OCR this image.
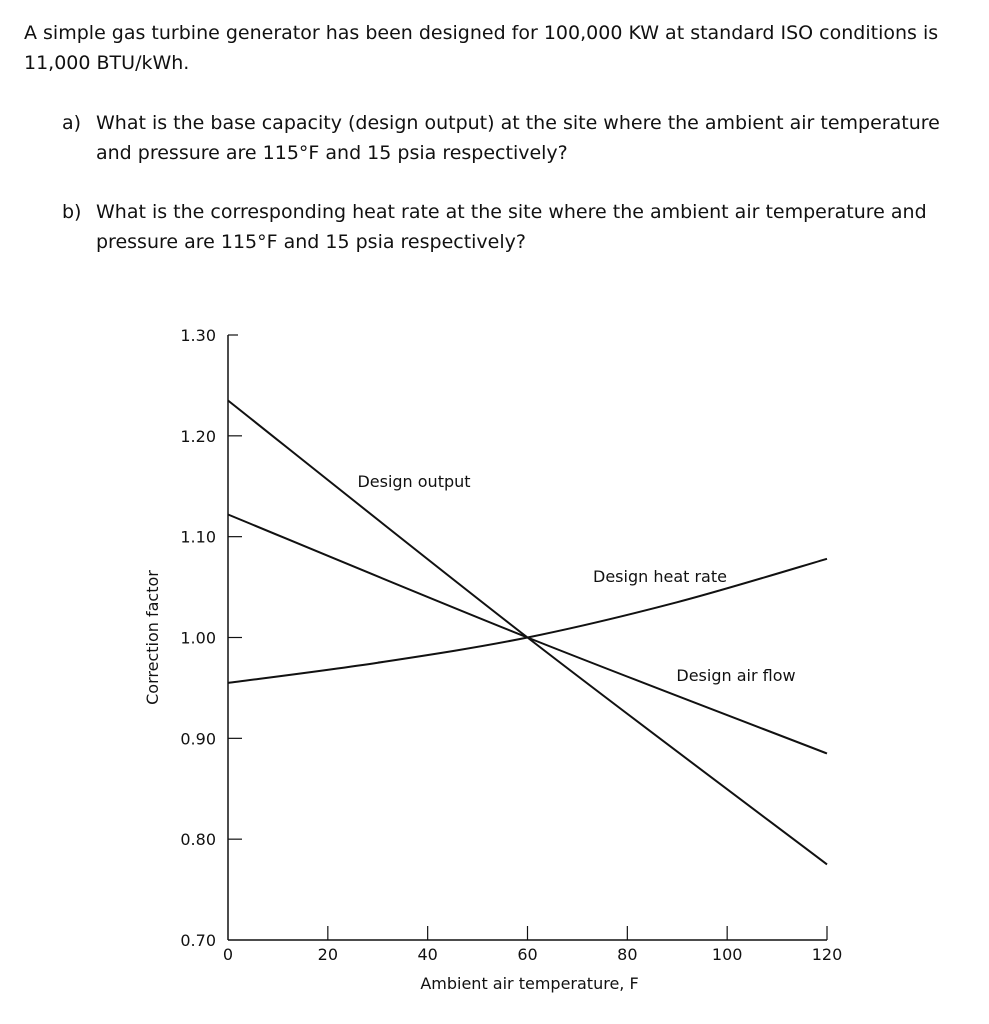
A simple gas turbine generator has been designed for 100,000 KW at standard ISO conditions is 11,000 BTU/kWh.
a) What is the base capacity (design output) at the site where the ambient air temperature and pressure are 115°F and 15 psia respectively?
b) What is the corresponding heat rate at the site where the ambient air temperature and pressure are 115°F and 15 psia respectively?
0.70
0.80
0.90
1.00
1.10
1.20
1.30
0	20	40	60	80	100	120
Ambient air temperature, F
Correction factor
Design output
Design air flow
Design heat rate
